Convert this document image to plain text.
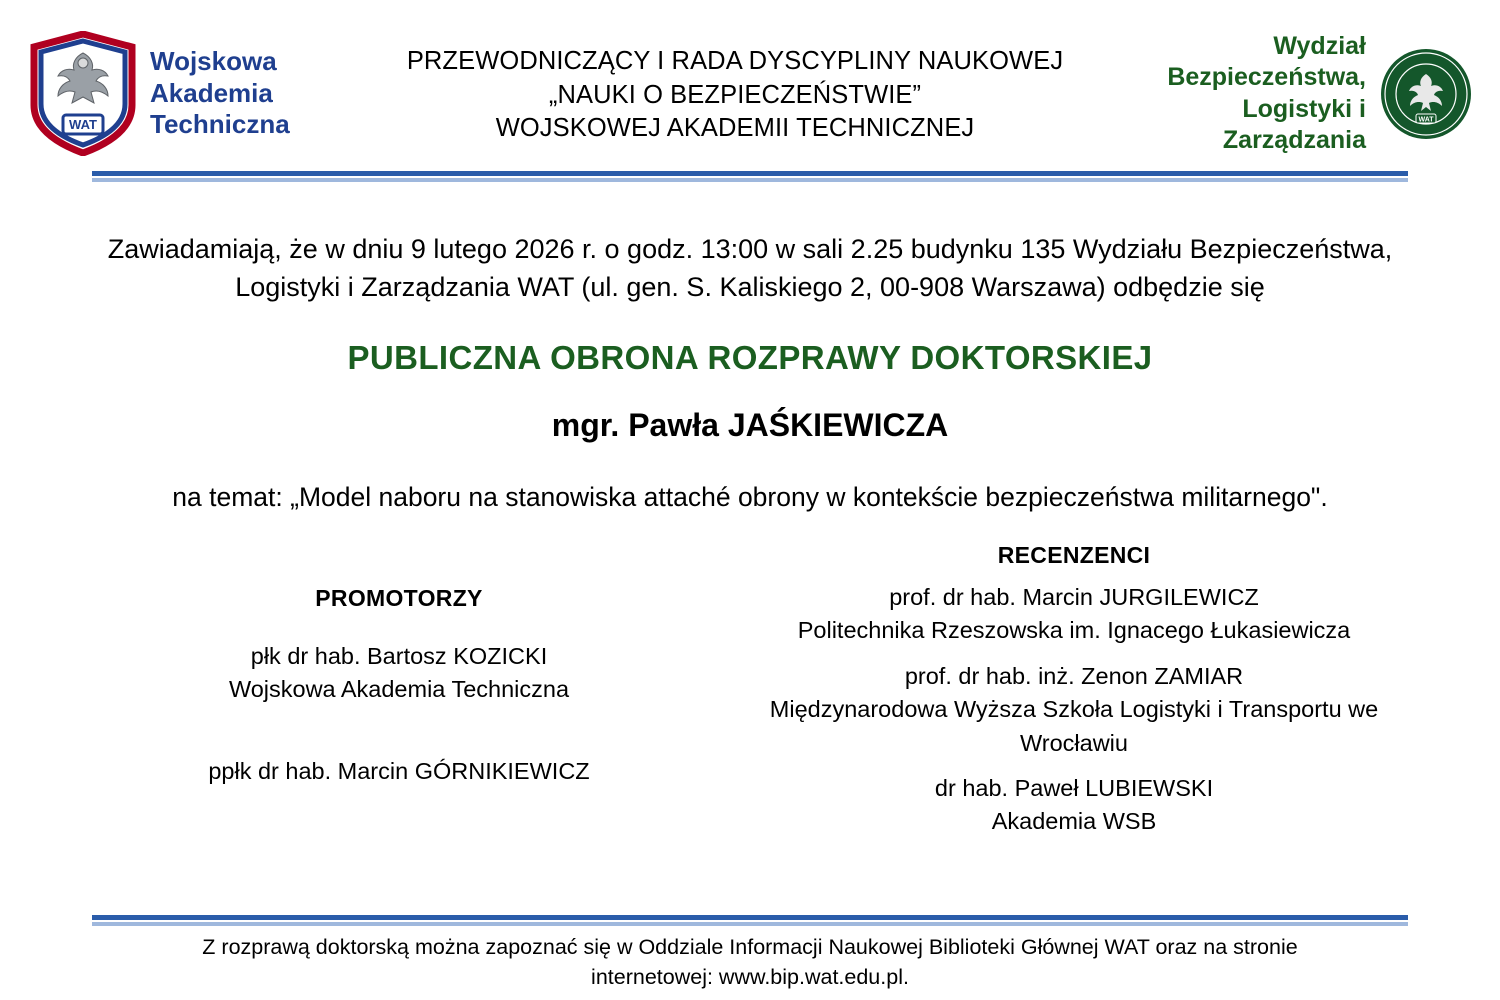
WAT
Wojskowa
Akademia
Techniczna
PRZEWODNICZĄCY I RADA DYSCYPLINY NAUKOWEJ
„NAUKI O BEZPIECZEŃSTWIE”
WOJSKOWEJ AKADEMII TECHNICZNEJ
Wydział
Bezpieczeństwa,
Logistyki i Zarządzania
WAT
Zawiadamiają, że w dniu 9 lutego 2026 r. o godz. 13:00 w sali 2.25 budynku 135 Wydziału Bezpieczeństwa, Logistyki i Zarządzania WAT (ul. gen. S. Kaliskiego 2, 00-908 Warszawa) odbędzie się
PUBLICZNA OBRONA ROZPRAWY DOKTORSKIEJ
mgr. Pawła JAŚKIEWICZA
na temat: „Model naboru na stanowiska attaché obrony w kontekście bezpieczeństwa militarnego".
PROMOTORZY
płk dr hab. Bartosz KOZICKI
Wojskowa Akademia Techniczna
ppłk dr hab. Marcin GÓRNIKIEWICZ
RECENZENCI
prof. dr hab. Marcin JURGILEWICZ
Politechnika Rzeszowska im. Ignacego Łukasiewicza
prof. dr hab. inż. Zenon ZAMIAR
Międzynarodowa Wyższa Szkoła Logistyki i Transportu we Wrocławiu
dr hab. Paweł LUBIEWSKI
Akademia WSB
Z rozprawą doktorską można zapoznać się w Oddziale Informacji Naukowej Biblioteki Głównej WAT oraz na stronie
internetowej: www.bip.wat.edu.pl.
